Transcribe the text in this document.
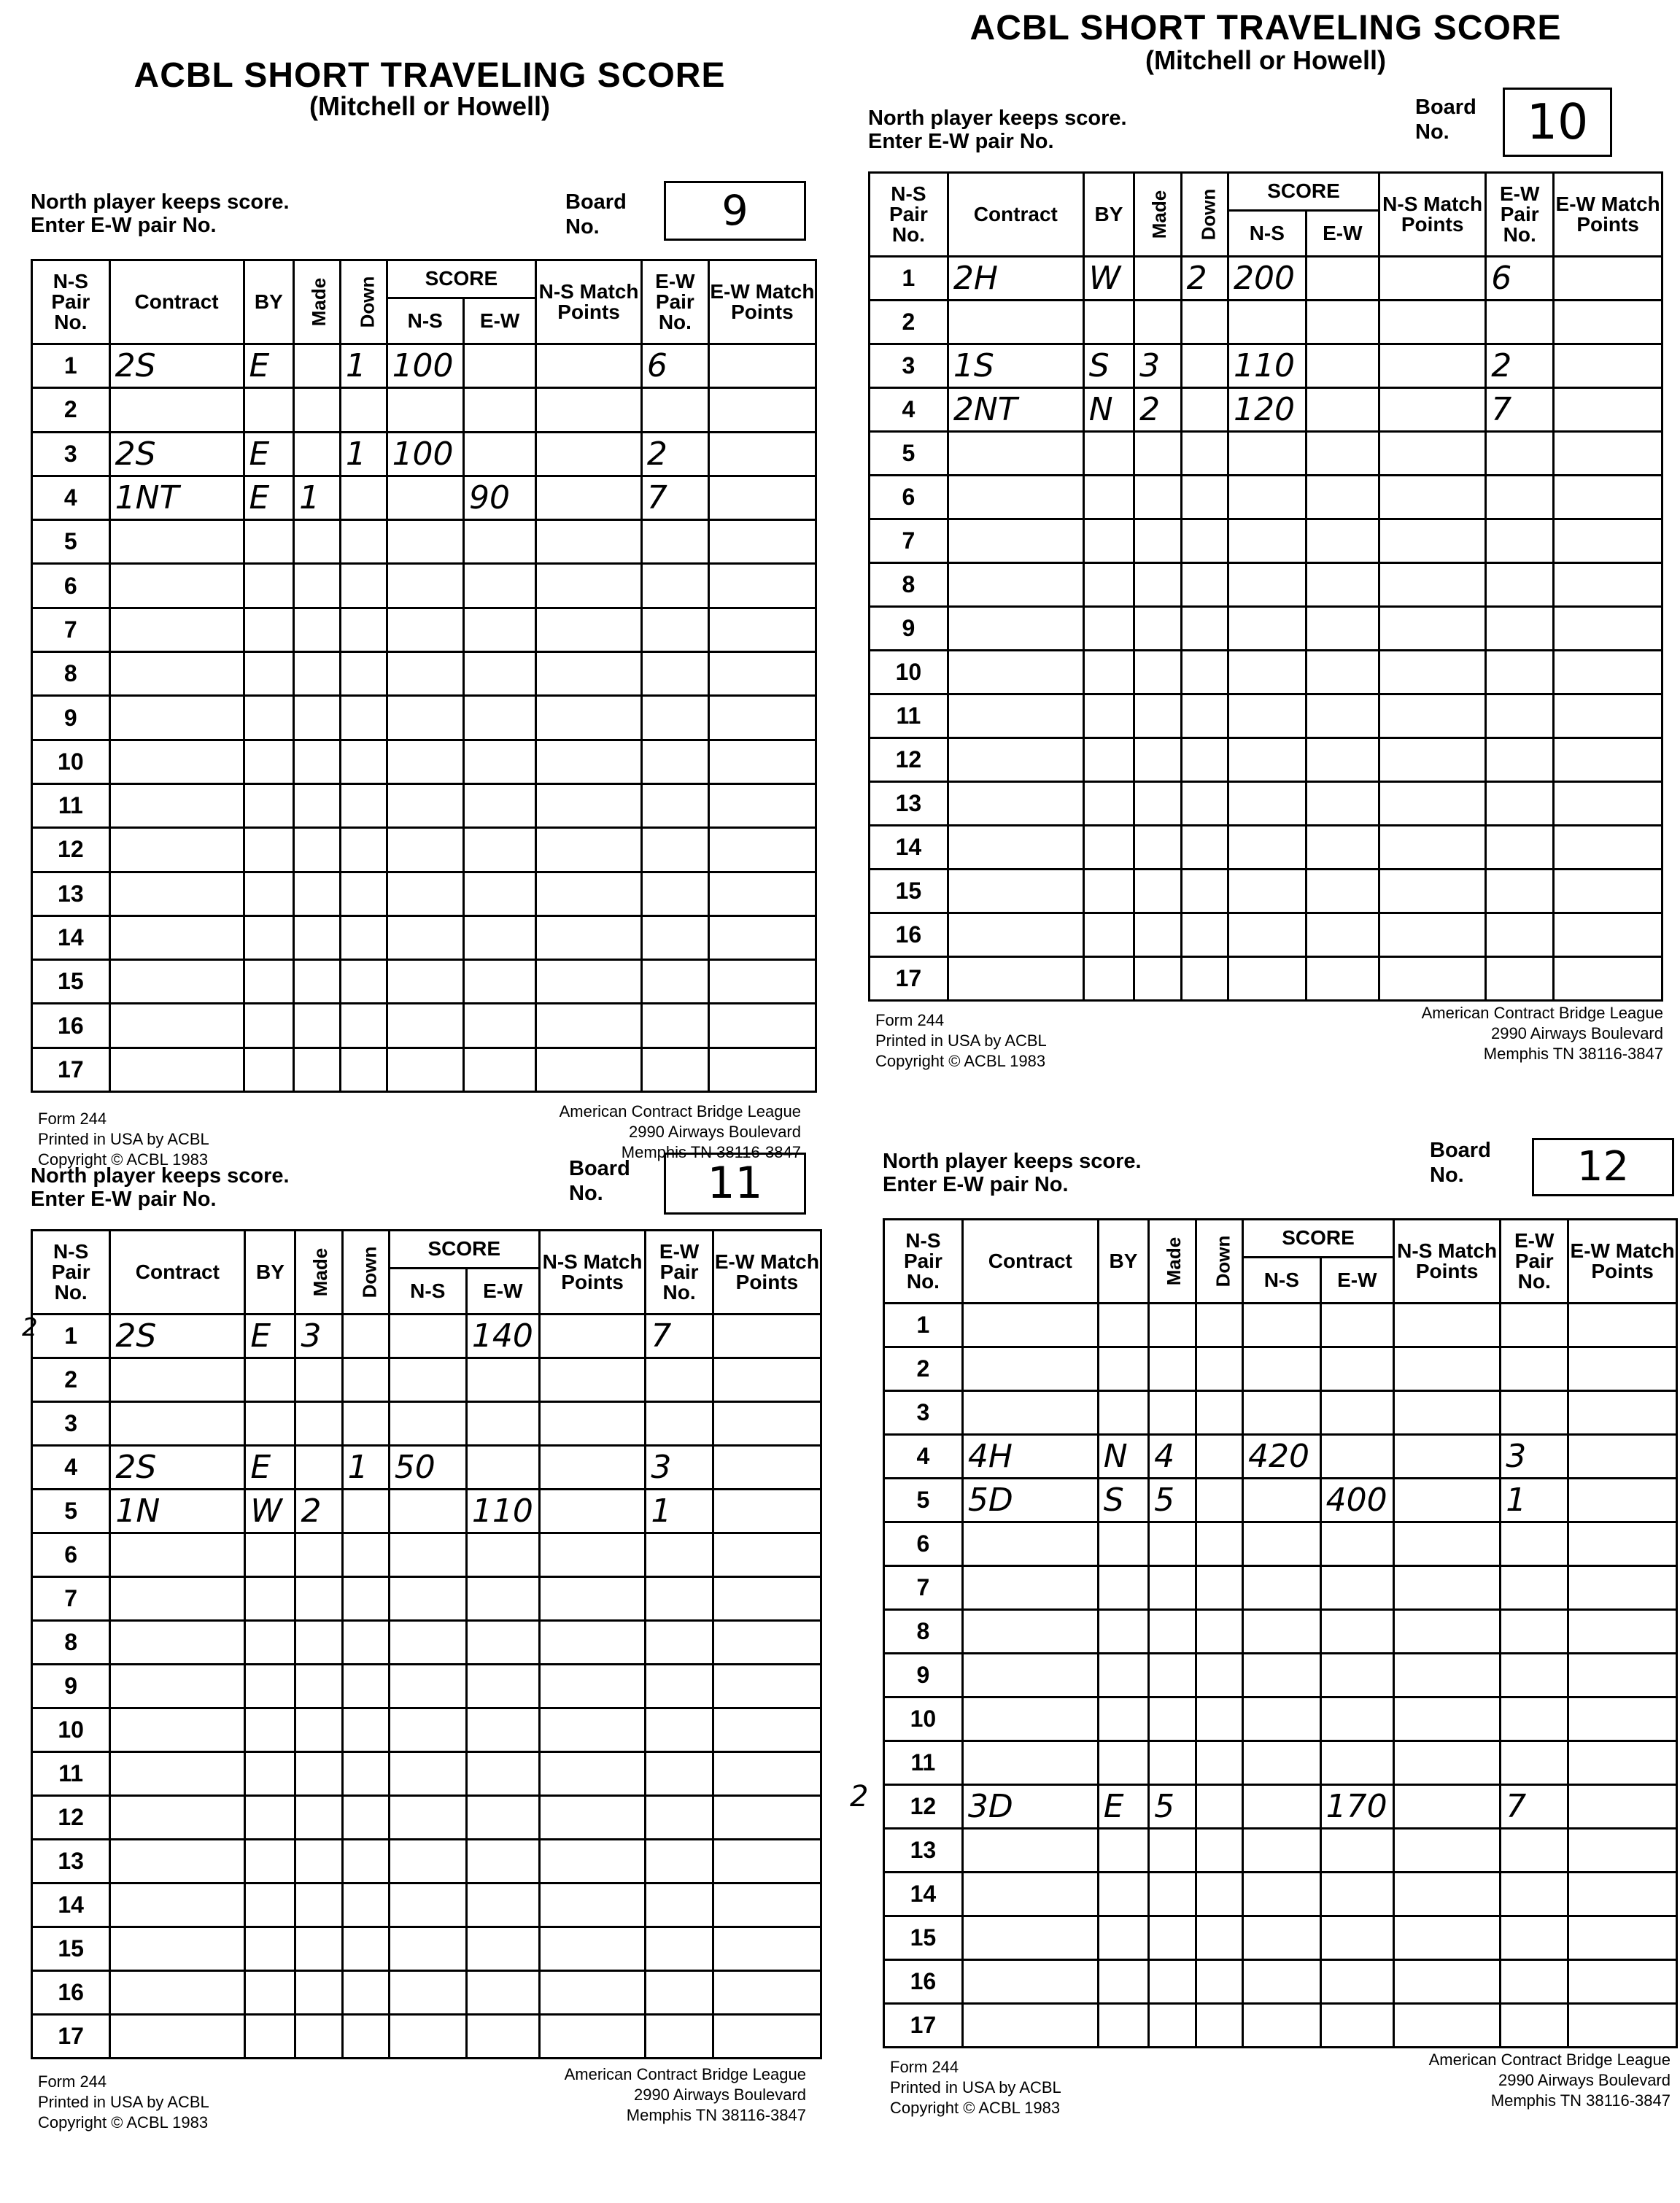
ACBL SHORT TRAVELING SCORE
(Mitchell or Howell)
North player keeps score.
Enter E-W pair No.
Board
No.	9
N-S Pair No.	Contract	BY	Made	Down	SCORE		N-S Match Points	E-W Pair No.	E-W Match Points
					N-S	E-W			
1	2S	E		1	100			6	
2									
3	2S	E		1	100			2	
4	1NT	E	1			90		7	
5									
6									
7									
8									
9									
10									
11									
12									
13									
14									
15									
16									
17									
Form 244
Printed in USA by ACBL
Copyright © ACBL 1983
American Contract Bridge League
2990 Airways Boulevard
Memphis TN 38116-3847
ACBL SHORT TRAVELING SCORE
(Mitchell or Howell)
North player keeps score.
Enter E-W pair No.
Board
No.	10
N-S Pair No.	Contract	BY	Made	Down	SCORE		N-S Match Points	E-W Pair No.	E-W Match Points
					N-S	E-W			
1	2H	W		2	200			6	
2									
3	1S	S	3		110			2	
4	2NT	N	2		120			7	
5									
6									
7									
8									
9									
10									
11									
12									
13									
14									
15									
16									
17									
Form 244
Printed in USA by ACBL
Copyright © ACBL 1983
American Contract Bridge League
2990 Airways Boulevard
Memphis TN 38116-3847
North player keeps score.
Enter E-W pair No.
Board
No.	11
N-S Pair No.	Contract	BY	Made	Down	SCORE		N-S Match Points	E-W Pair No.	E-W Match Points
					N-S	E-W			
1	2S	E	3			140		7	
2									
3									
4	2S	E		1	50			3	
5	1N	W	2			110		1	
6									
7									
8									
9									
10									
11									
12									
13									
14									
15									
16									
17									
Form 244
Printed in USA by ACBL
Copyright © ACBL 1983
American Contract Bridge League
2990 Airways Boulevard
Memphis TN 38116-3847
North player keeps score.
Enter E-W pair No.
Board
No.	12
N-S Pair No.	Contract	BY	Made	Down	SCORE		N-S Match Points	E-W Pair No.	E-W Match Points
					N-S	E-W			
1									
2									
3									
4	4H	N	4		420			3	
5	5D	S	5			400		1	
6									
7									
8									
9									
10									
11									
12	3D	E	5			170		7	
13									
14									
15									
16									
17									
Form 244
Printed in USA by ACBL
Copyright © ACBL 1983
American Contract Bridge League
2990 Airways Boulevard
Memphis TN 38116-3847
2
2
